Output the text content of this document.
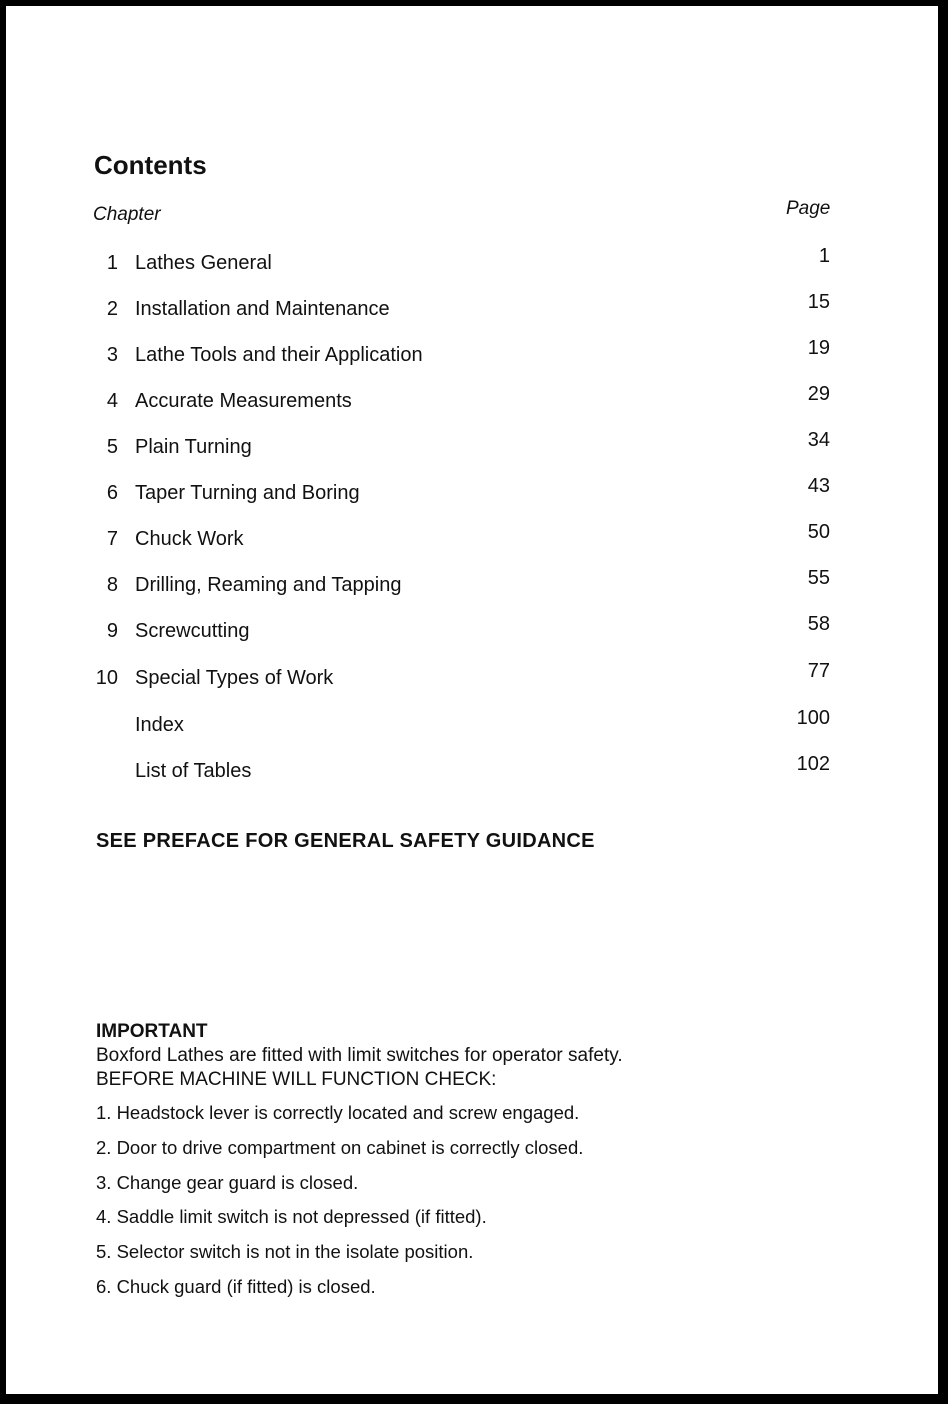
Contents
Chapter	Page
1 Lathes General	1
2 Installation and Maintenance	15
3 Lathe Tools and their Application	19
4 Accurate Measurements	29
5 Plain Turning	34
6 Taper Turning and Boring	43
7 Chuck Work	50
8 Drilling, Reaming and Tapping	55
9 Screwcutting	58
10 Special Types of Work	77
Index	100
List of Tables	102
SEE PREFACE FOR GENERAL SAFETY GUIDANCE
IMPORTANT
Boxford Lathes are fitted with limit switches for operator safety.
BEFORE MACHINE WILL FUNCTION CHECK:
1. Headstock lever is correctly located and screw engaged.
2. Door to drive compartment on cabinet is correctly closed.
3. Change gear guard is closed.
4. Saddle limit switch is not depressed (if fitted).
5. Selector switch is not in the isolate position.
6. Chuck guard (if fitted) is closed.
